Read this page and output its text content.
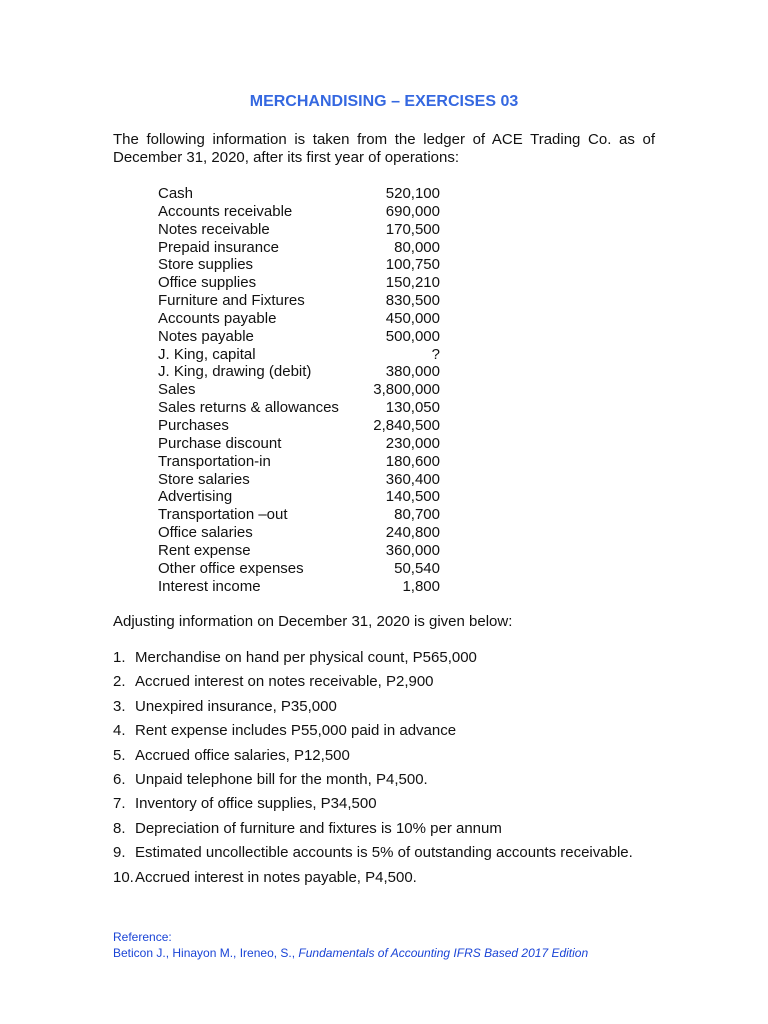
MERCHANDISING – EXERCISES 03
The following information is taken from the ledger of ACE Trading Co. as of December 31, 2020, after its first year of operations:
Cash	520,100
Accounts receivable	690,000
Notes receivable	170,500
Prepaid insurance	80,000
Store supplies	100,750
Office supplies	150,210
Furniture and Fixtures	830,500
Accounts payable	450,000
Notes payable	500,000
J. King, capital	?
J. King, drawing (debit)	380,000
Sales	3,800,000
Sales returns & allowances	130,050
Purchases	2,840,500
Purchase discount	230,000
Transportation-in	180,600
Store salaries	360,400
Advertising	140,500
Transportation –out	80,700
Office salaries	240,800
Rent expense	360,000
Other office expenses	50,540
Interest income	1,800
Adjusting information on December 31, 2020 is given below:
1. Merchandise on hand per physical count, P565,000
2. Accrued interest on notes receivable, P2,900
3. Unexpired insurance, P35,000
4. Rent expense includes P55,000 paid in advance
5. Accrued office salaries, P12,500
6. Unpaid telephone bill for the month, P4,500.
7. Inventory of office supplies, P34,500
8. Depreciation of furniture and fixtures is 10% per annum
9. Estimated uncollectible accounts is 5% of outstanding accounts receivable.
10. Accrued interest in notes payable, P4,500.
Reference:
Beticon J., Hinayon M., Ireneo, S., Fundamentals of Accounting IFRS Based 2017 Edition
